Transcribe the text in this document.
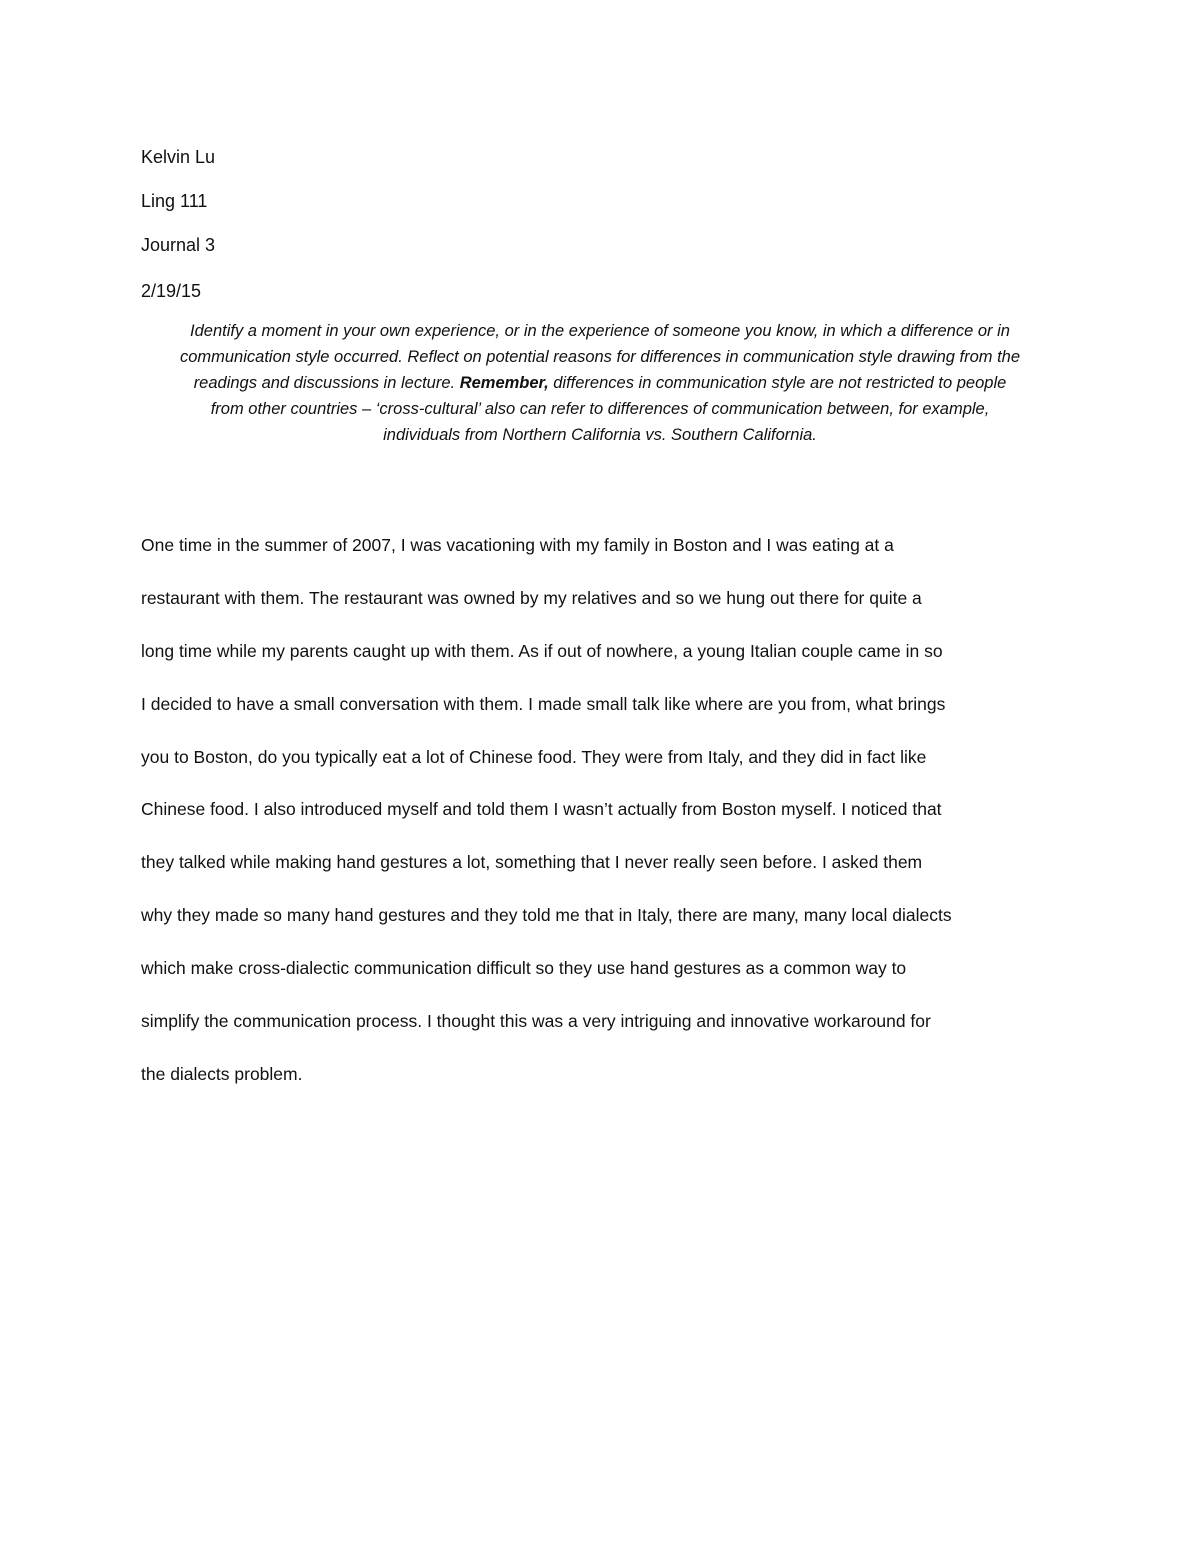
Kelvin Lu
Ling 111
Journal 3
2/19/15
Identify a moment in your own experience, or in the experience of someone you know, in which a difference or in
communication style occurred. Reflect on potential reasons for differences in communication style drawing from the
readings and discussions in lecture. Remember, differences in communication style are not restricted to people
from other countries – ‘cross-cultural’ also can refer to differences of communication between, for example,
individuals from Northern California vs. Southern California.
One time in the summer of 2007, I was vacationing with my family in Boston and I was eating at a
restaurant with them. The restaurant was owned by my relatives and so we hung out there for quite a
long time while my parents caught up with them. As if out of nowhere, a young Italian couple came in so
I decided to have a small conversation with them. I made small talk like where are you from, what brings
you to Boston, do you typically eat a lot of Chinese food. They were from Italy, and they did in fact like
Chinese food. I also introduced myself and told them I wasn’t actually from Boston myself. I noticed that
they talked while making hand gestures a lot, something that I never really seen before. I asked them
why they made so many hand gestures and they told me that in Italy, there are many, many local dialects
which make cross-dialectic communication difficult so they use hand gestures as a common way to
simplify the communication process. I thought this was a very intriguing and innovative workaround for
the dialects problem.
